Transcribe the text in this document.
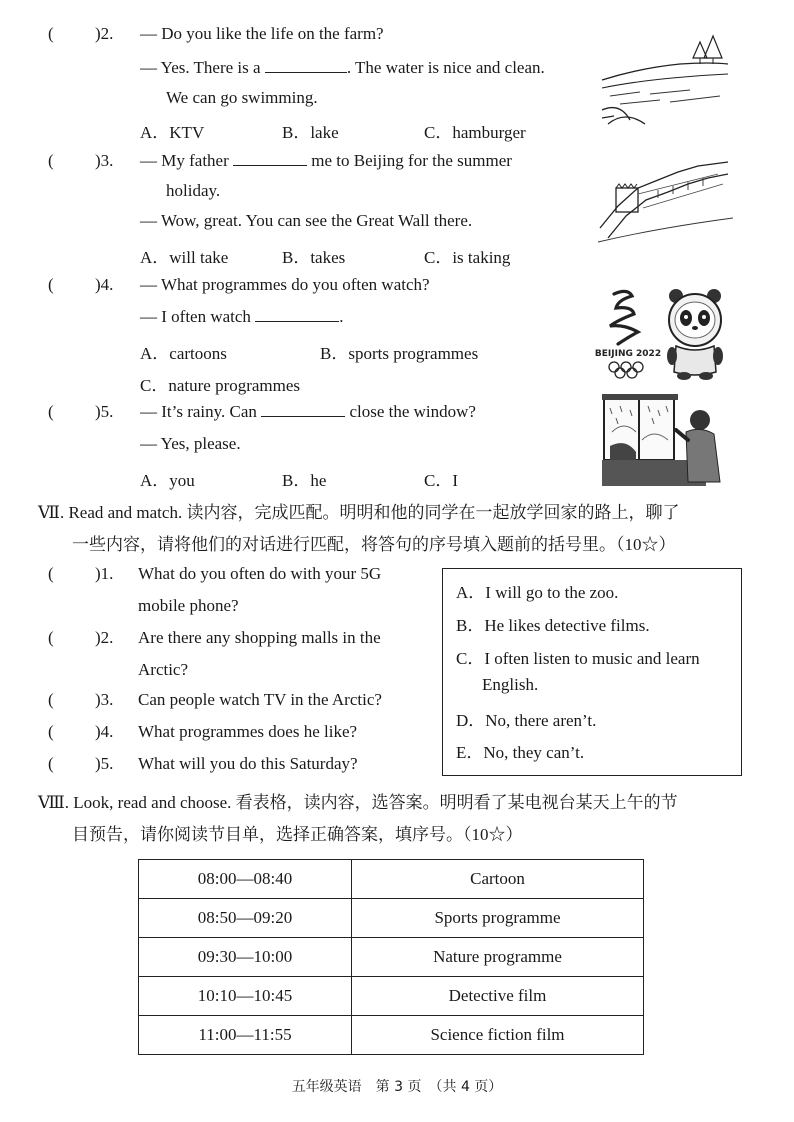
( )2. — Do you like the life on the farm?
— Yes. There is a	. The water is nice and clean.
We can go swimming.
A．KTV	B．lake	C．hamburger
( )3. — My father	me to Beijing for the summer
holiday.
— Wow, great. You can see the Great Wall there.
A．will take	B．takes	C．is taking
( )4. — What programmes do you often watch?
— I often watch	.
A．cartoons	B．sports programmes
C．nature programmes
BEIJING 2022
( )5. — It’s rainy. Can	close the window?
— Yes, please.
A．you	B．he	C．I
Ⅶ. Read and match. 读内容，完成匹配。明明和他的同学在一起放学回家的路上，聊了
一些内容，请将他们的对话进行匹配，将答句的序号填入题前的括号里。（10☆）
( )1. What do you often do with your 5G
mobile phone?
( )2. Are there any shopping malls in the
Arctic?
( )3. Can people watch TV in the Arctic?
( )4. What programmes does he like?
( )5. What will you do this Saturday?
A．I will go to the zoo.
B．He likes detective films.
C．I often listen to music and learn
English.
D．No, there aren’t.
E．No, they can’t.
Ⅷ. Look, read and choose. 看表格，读内容，选答案。明明看了某电视台某天上午的节
目预告，请你阅读节目单，选择正确答案，填序号。（10☆）
08:00—08:40	Cartoon
08:50—09:20	Sports programme
09:30—10:00	Nature programme
10:10—10:45	Detective film
11:00—11:55	Science fiction film
五年级英语　第 3 页　（共 4 页）
